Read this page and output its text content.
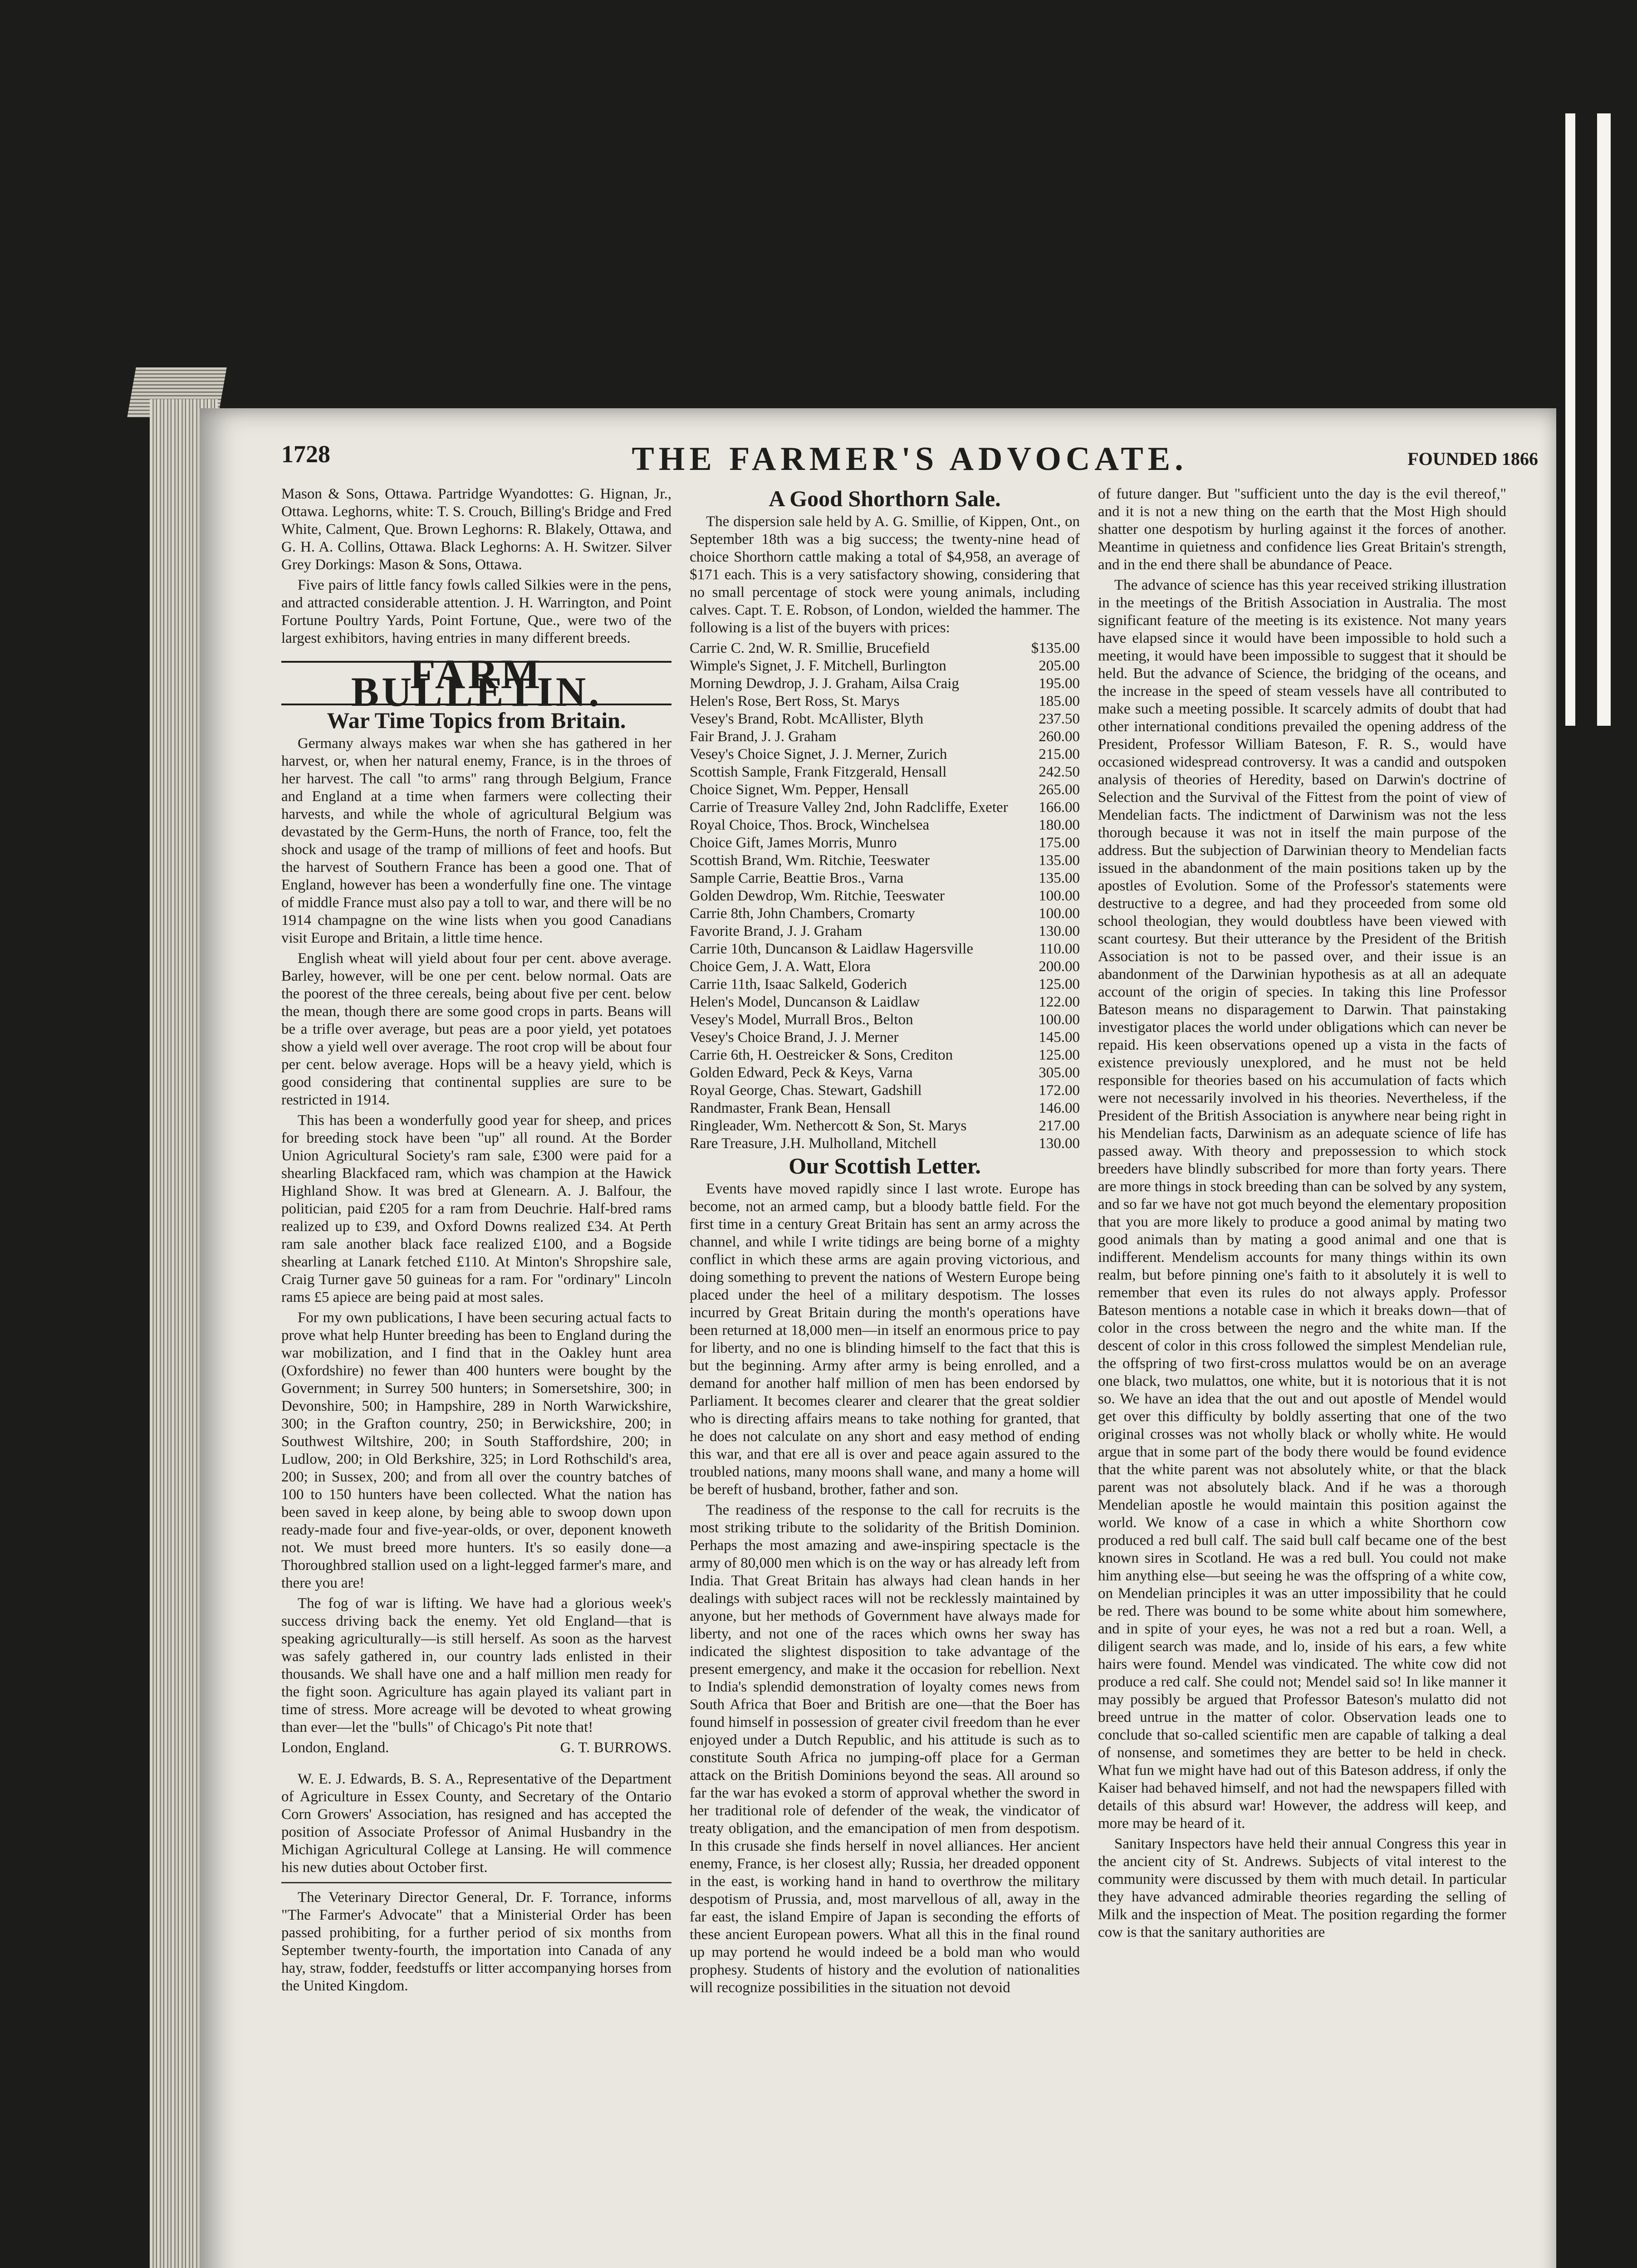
1728	THE FARMER'S ADVOCATE.	FOUNDED 1866

Mason & Sons, Ottawa. Partridge Wyandottes: G. Hignan, Jr., Ottawa. Leghorns, white: T. S. Crouch, Billing's Bridge and Fred White, Calment, Que. Brown Leghorns: R. Blakely, Ottawa, and G. H. A. Collins, Ottawa. Black Leghorns: A. H. Switzer. Silver Grey Dorkings: Mason & Sons, Ottawa.

Five pairs of little fancy fowls called Silkies were in the pens, and attracted considerable attention. J. H. Warrington, and Point Fortune Poultry Yards, Point Fortune, Que., were two of the largest exhibitors, having entries in many different breeds.

FARM BULLETIN.
War Time Topics from Britain.

Germany always makes war when she has gathered in her harvest, or, when her natural enemy, France, is in the throes of her harvest. The call "to arms" rang through Belgium, France and England at a time when farmers were collecting their harvests, and while the whole of agricultural Belgium was devastated by the Germ-Huns, the north of France, too, felt the shock and usage of the tramp of millions of feet and hoofs. But the harvest of Southern France has been a good one. That of England, however has been a wonderfully fine one. The vintage of middle France must also pay a toll to war, and there will be no 1914 champagne on the wine lists when you good Canadians visit Europe and Britain, a little time hence.

English wheat will yield about four per cent. above average. Barley, however, will be one per cent. below normal. Oats are the poorest of the three cereals, being about five per cent. below the mean, though there are some good crops in parts. Beans will be a trifle over average, but peas are a poor yield, yet potatoes show a yield well over average. The root crop will be about four per cent. below average. Hops will be a heavy yield, which is good considering that continental supplies are sure to be restricted in 1914.

This has been a wonderfully good year for sheep, and prices for breeding stock have been "up" all round. At the Border Union Agricultural Society's ram sale, £300 were paid for a shearling Blackfaced ram, which was champion at the Hawick Highland Show. It was bred at Glenearn. A. J. Balfour, the politician, paid £205 for a ram from Deuchrie. Half-bred rams realized up to £39, and Oxford Downs realized £34. At Perth ram sale another black face realized £100, and a Bogside shearling at Lanark fetched £110. At Minton's Shropshire sale, Craig Turner gave 50 guineas for a ram. For "ordinary" Lincoln rams £5 apiece are being paid at most sales.

For my own publications, I have been securing actual facts to prove what help Hunter breeding has been to England during the war mobilization, and I find that in the Oakley hunt area (Oxfordshire) no fewer than 400 hunters were bought by the Government; in Surrey 500 hunters; in Somersetshire, 300; in Devonshire, 500; in Hampshire, 289 in North Warwickshire, 300; in the Grafton country, 250; in Berwickshire, 200; in Southwest Wiltshire, 200; in South Staffordshire, 200; in Ludlow, 200; in Old Berkshire, 325; in Lord Rothschild's area, 200; in Sussex, 200; and from all over the country batches of 100 to 150 hunters have been collected. What the nation has been saved in keep alone, by being able to swoop down upon ready-made four and five-year-olds, or over, deponent knoweth not. We must breed more hunters. It's so easily done—a Thoroughbred stallion used on a light-legged farmer's mare, and there you are!

The fog of war is lifting. We have had a glorious week's success driving back the enemy. Yet old England—that is speaking agriculturally—is still herself. As soon as the harvest was safely gathered in, our country lads enlisted in their thousands. We shall have one and a half million men ready for the fight soon. Agriculture has again played its valiant part in time of stress. More acreage will be devoted to wheat growing than ever—let the "bulls" of Chicago's Pit note that!

London, England.	G. T. BURROWS.

W. E. J. Edwards, B. S. A., Representative of the Department of Agriculture in Essex County, and Secretary of the Ontario Corn Growers' Association, has resigned and has accepted the position of Associate Professor of Animal Husbandry in the Michigan Agricultural College at Lansing. He will commence his new duties about October first.

The Veterinary Director General, Dr. F. Torrance, informs "The Farmer's Advocate" that a Ministerial Order has been passed prohibiting, for a further period of six months from September twenty-fourth, the importation into Canada of any hay, straw, fodder, feedstuffs or litter accompanying horses from the United Kingdom.

A Good Shorthorn Sale.

The dispersion sale held by A. G. Smillie, of Kippen, Ont., on September 18th was a big success; the twenty-nine head of choice Shorthorn cattle making a total of $4,958, an average of $171 each. This is a very satisfactory showing, considering that no small percentage of stock were young animals, including calves. Capt. T. E. Robson, of London, wielded the hammer. The following is a list of the buyers with prices:

Carrie C. 2nd, W. R. Smillie, Brucefield	$135.00
Wimple's Signet, J. F. Mitchell, Burlington	205.00
Morning Dewdrop, J. J. Graham, Ailsa Craig	195.00
Helen's Rose, Bert Ross, St. Marys	185.00
Vesey's Brand, Robt. McAllister, Blyth	237.50
Fair Brand, J. J. Graham	260.00
Vesey's Choice Signet, J. J. Merner, Zurich	215.00
Scottish Sample, Frank Fitzgerald, Hensall	242.50
Choice Signet, Wm. Pepper, Hensall	265.00
Carrie of Treasure Valley 2nd, John Radcliffe, Exeter	166.00
Royal Choice, Thos. Brock, Winchelsea	180.00
Choice Gift, James Morris, Munro	175.00
Scottish Brand, Wm. Ritchie, Teeswater	135.00
Sample Carrie, Beattie Bros., Varna	135.00
Golden Dewdrop, Wm. Ritchie, Teeswater	100.00
Carrie 8th, John Chambers, Cromarty	100.00
Favorite Brand, J. J. Graham	130.00
Carrie 10th, Duncanson & Laidlaw Hagersville	110.00
Choice Gem, J. A. Watt, Elora	200.00
Carrie 11th, Isaac Salkeld, Goderich	125.00
Helen's Model, Duncanson & Laidlaw	122.00
Vesey's Model, Murrall Bros., Belton	100.00
Vesey's Choice Brand, J. J. Merner	145.00
Carrie 6th, H. Oestreicker & Sons, Crediton	125.00
Golden Edward, Peck & Keys, Varna	305.00
Royal George, Chas. Stewart, Gadshill	172.00
Randmaster, Frank Bean, Hensall	146.00
Ringleader, Wm. Nethercott & Son, St. Marys	217.00
Rare Treasure, J.H. Mulholland, Mitchell	130.00
Our Scottish Letter.

Events have moved rapidly since I last wrote. Europe has become, not an armed camp, but a bloody battle field. For the first time in a century Great Britain has sent an army across the channel, and while I write tidings are being borne of a mighty conflict in which these arms are again proving victorious, and doing something to prevent the nations of Western Europe being placed under the heel of a military despotism. The losses incurred by Great Britain during the month's operations have been returned at 18,000 men—in itself an enormous price to pay for liberty, and no one is blinding himself to the fact that this is but the beginning. Army after army is being enrolled, and a demand for another half million of men has been endorsed by Parliament. It becomes clearer and clearer that the great soldier who is directing affairs means to take nothing for granted, that he does not calculate on any short and easy method of ending this war, and that ere all is over and peace again assured to the troubled nations, many moons shall wane, and many a home will be bereft of husband, brother, father and son.

The readiness of the response to the call for recruits is the most striking tribute to the solidarity of the British Dominion. Perhaps the most amazing and awe-inspiring spectacle is the army of 80,000 men which is on the way or has already left from India. That Great Britain has always had clean hands in her dealings with subject races will not be recklessly maintained by anyone, but her methods of Government have always made for liberty, and not one of the races which owns her sway has indicated the slightest disposition to take advantage of the present emergency, and make it the occasion for rebellion. Next to India's splendid demonstration of loyalty comes news from South Africa that Boer and British are one—that the Boer has found himself in possession of greater civil freedom than he ever enjoyed under a Dutch Republic, and his attitude is such as to constitute South Africa no jumping-off place for a German attack on the British Dominions beyond the seas. All around so far the war has evoked a storm of approval whether the sword in her traditional role of defender of the weak, the vindicator of treaty obligation, and the emancipation of men from despotism. In this crusade she finds herself in novel alliances. Her ancient enemy, France, is her closest ally; Russia, her dreaded opponent in the east, is working hand in hand to overthrow the military despotism of Prussia, and, most marvellous of all, away in the far east, the island Empire of Japan is seconding the efforts of these ancient European powers. What all this in the final round up may portend he would indeed be a bold man who would prophesy. Students of history and the evolution of nationalities will recognize possibilities in the situation not devoid

of future danger. But "sufficient unto the day is the evil thereof," and it is not a new thing on the earth that the Most High should shatter one despotism by hurling against it the forces of another. Meantime in quietness and confidence lies Great Britain's strength, and in the end there shall be abundance of Peace.

The advance of science has this year received striking illustration in the meetings of the British Association in Australia. The most significant feature of the meeting is its existence. Not many years have elapsed since it would have been impossible to hold such a meeting, it would have been impossible to suggest that it should be held. But the advance of Science, the bridging of the oceans, and the increase in the speed of steam vessels have all contributed to make such a meeting possible. It scarcely admits of doubt that had other international conditions prevailed the opening address of the President, Professor William Bateson, F. R. S., would have occasioned widespread controversy. It was a candid and outspoken analysis of theories of Heredity, based on Darwin's doctrine of Selection and the Survival of the Fittest from the point of view of Mendelian facts. The indictment of Darwinism was not the less thorough because it was not in itself the main purpose of the address. But the subjection of Darwinian theory to Mendelian facts issued in the abandonment of the main positions taken up by the apostles of Evolution. Some of the Professor's statements were destructive to a degree, and had they proceeded from some old school theologian, they would doubtless have been viewed with scant courtesy. But their utterance by the President of the British Association is not to be passed over, and their issue is an abandonment of the Darwinian hypothesis as at all an adequate account of the origin of species. In taking this line Professor Bateson means no disparagement to Darwin. That painstaking investigator places the world under obligations which can never be repaid. His keen observations opened up a vista in the facts of existence previously unexplored, and he must not be held responsible for theories based on his accumulation of facts which were not necessarily involved in his theories. Nevertheless, if the President of the British Association is anywhere near being right in his Mendelian facts, Darwinism as an adequate science of life has passed away. With theory and prepossession to which stock breeders have blindly subscribed for more than forty years. There are more things in stock breeding than can be solved by any system, and so far we have not got much beyond the elementary proposition that you are more likely to produce a good animal by mating two good animals than by mating a good animal and one that is indifferent. Mendelism accounts for many things within its own realm, but before pinning one's faith to it absolutely it is well to remember that even its rules do not always apply. Professor Bateson mentions a notable case in which it breaks down—that of color in the cross between the negro and the white man. If the descent of color in this cross followed the simplest Mendelian rule, the offspring of two first-cross mulattos would be on an average one black, two mulattos, one white, but it is notorious that it is not so. We have an idea that the out and out apostle of Mendel would get over this difficulty by boldly asserting that one of the two original crosses was not wholly black or wholly white. He would argue that in some part of the body there would be found evidence that the white parent was not absolutely white, or that the black parent was not absolutely black. And if he was a thorough Mendelian apostle he would maintain this position against the world. We know of a case in which a white Shorthorn cow produced a red bull calf. The said bull calf became one of the best known sires in Scotland. He was a red bull. You could not make him anything else—but seeing he was the offspring of a white cow, on Mendelian principles it was an utter impossibility that he could be red. There was bound to be some white about him somewhere, and in spite of your eyes, he was not a red but a roan. Well, a diligent search was made, and lo, inside of his ears, a few white hairs were found. Mendel was vindicated. The white cow did not produce a red calf. She could not; Mendel said so! In like manner it may possibly be argued that Professor Bateson's mulatto did not breed untrue in the matter of color. Observation leads one to conclude that so-called scientific men are capable of talking a deal of nonsense, and sometimes they are better to be held in check. What fun we might have had out of this Bateson address, if only the Kaiser had behaved himself, and not had the newspapers filled with details of this absurd war! However, the address will keep, and more may be heard of it.

Sanitary Inspectors have held their annual Congress this year in the ancient city of St. Andrews. Subjects of vital interest to the community were discussed by them with much detail. In particular they have advanced admirable theories regarding the selling of Milk and the inspection of Meat. The position regarding the former cow is that the sanitary authorities are
